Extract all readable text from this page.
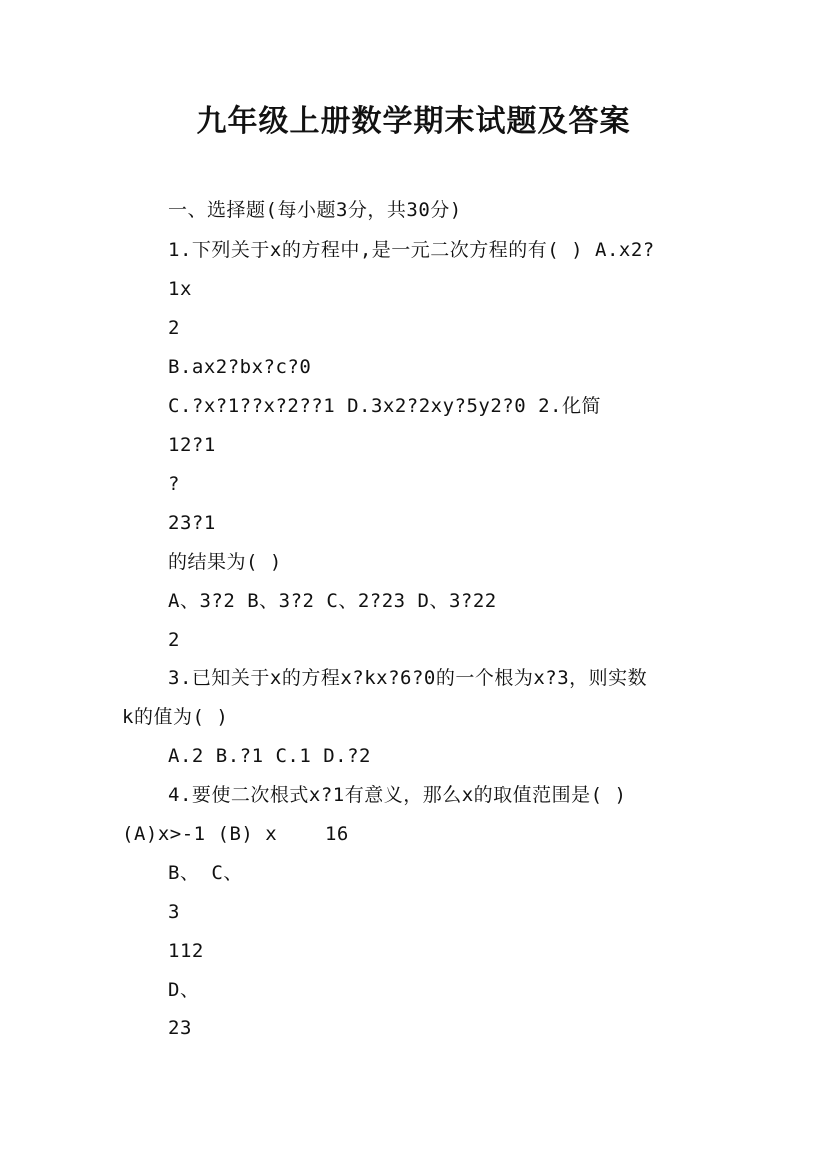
九年级上册数学期末试题及答案
一、选择题(每小题3分，共30分)
1.下列关于x的方程中,是一元二次方程的有( ) A.x2?
1x
2
B.ax2?bx?c?0
C.?x?1??x?2??1 D.3x2?2xy?5y2?0 2.化简
12?1
?
23?1
的结果为( )
A、3?2 B、3?2 C、2?23 D、3?22
2
3.已知关于x的方程x?kx?6?0的一个根为x?3，则实数
k的值为( )
A.2 B.?1 C.1 D.?2
4.要使二次根式x?1有意义，那么x的取值范围是( )
(A)x>-1 (B) x    16
B、 C、
3
112
D、
23
